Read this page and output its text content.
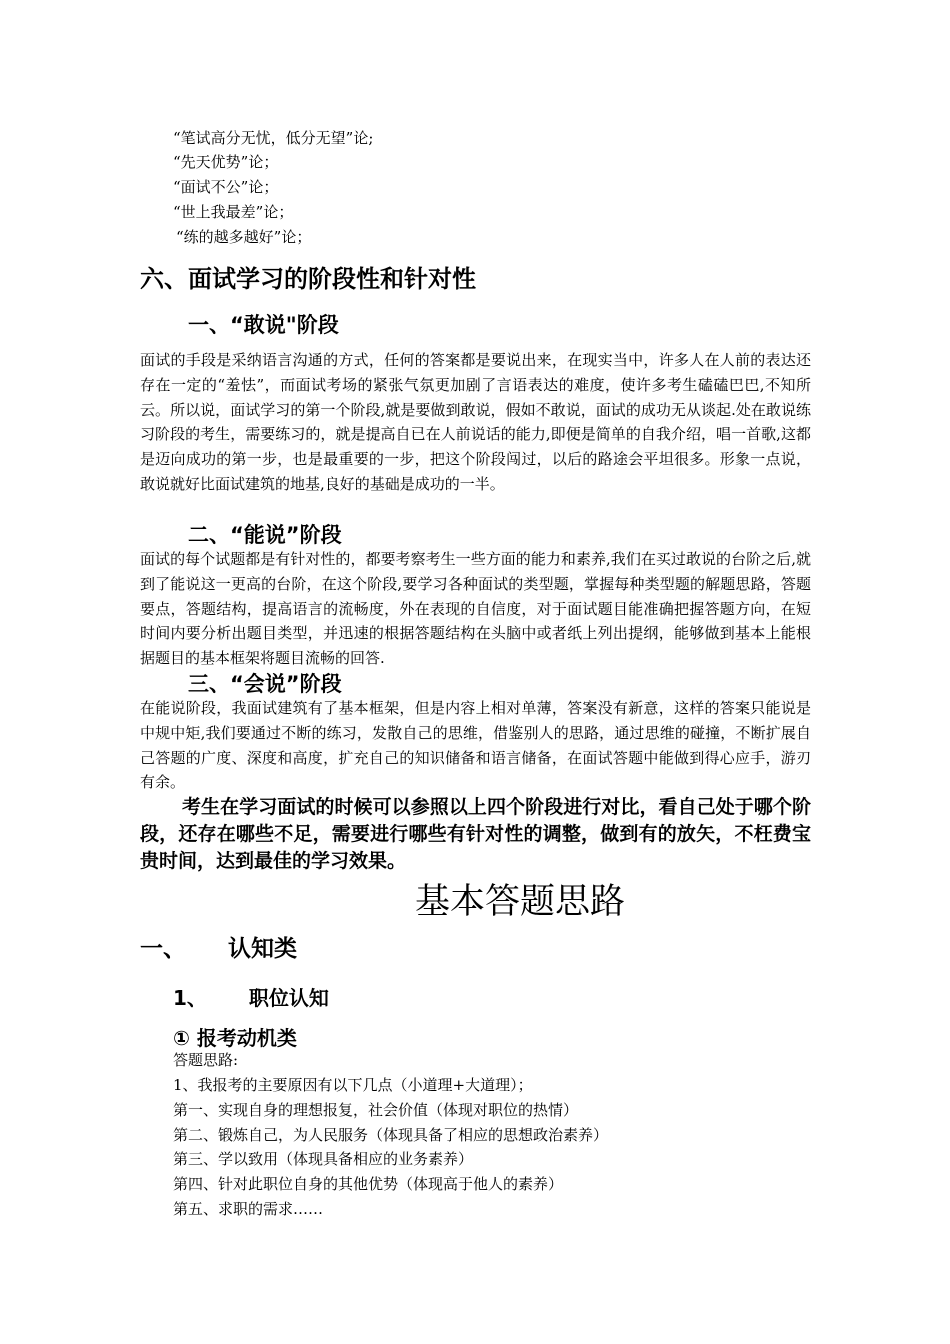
“笔试高分无忧，低分无望”论;
“先天优势”论；
“面试不公”论；
“世上我最差”论；
“练的越多越好”论；
六、面试学习的阶段性和针对性
一、“敢说"阶段

面试的手段是采纳语言沟通的方式，任何的答案都是要说出来，在现实当中，许多人在人前的表达还存在一定的“羞怯”，而面试考场的紧张气氛更加剧了言语表达的难度，使许多考生磕磕巴巴,不知所云。所以说，面试学习的第一个阶段,就是要做到敢说，假如不敢说，面试的成功无从谈起.处在敢说练习阶段的考生，需要练习的，就是提高自已在人前说话的能力,即便是简单的自我介绍，唱一首歌,这都是迈向成功的第一步，也是最重要的一步，把这个阶段闯过，以后的路途会平坦很多。形象一点说，敢说就好比面试建筑的地基,良好的基础是成功的一半。

二、“能说”阶段

面试的每个试题都是有针对性的，都要考察考生一些方面的能力和素养,我们在买过敢说的台阶之后,就到了能说这一更高的台阶，在这个阶段,要学习各种面试的类型题，掌握每种类型题的解题思路，答题要点，答题结构，提高语言的流畅度，外在表现的自信度，对于面试题目能准确把握答题方向，在短时间内要分析出题目类型，并迅速的根据答题结构在头脑中或者纸上列出提纲，能够做到基本上能根据题目的基本框架将题目流畅的回答.

三、“会说”阶段

在能说阶段，我面试建筑有了基本框架，但是内容上相对单薄，答案没有新意，这样的答案只能说是中规中矩,我们要通过不断的练习，发散自己的思维，借鉴别人的思路，通过思维的碰撞，不断扩展自己答题的广度、深度和高度，扩充自己的知识储备和语言储备，在面试答题中能做到得心应手，游刃有余。

考生在学习面试的时候可以参照以上四个阶段进行对比，看自己处于哪个阶段，还存在哪些不足，需要进行哪些有针对性的调整，做到有的放矢，不枉费宝贵时间，达到最佳的学习效果。

基本答题思路
一、 认知类
1、 职位认知
① 报考动机类
答题思路:
1、我报考的主要原因有以下几点（小道理+大道理）；
第一、实现自身的理想报复，社会价值（体现对职位的热情）
第二、锻炼自己，为人民服务（体现具备了相应的思想政治素养）
第三、学以致用（体现具备相应的业务素养）
第四、针对此职位自身的其他优势（体现高于他人的素养）
第五、求职的需求……
